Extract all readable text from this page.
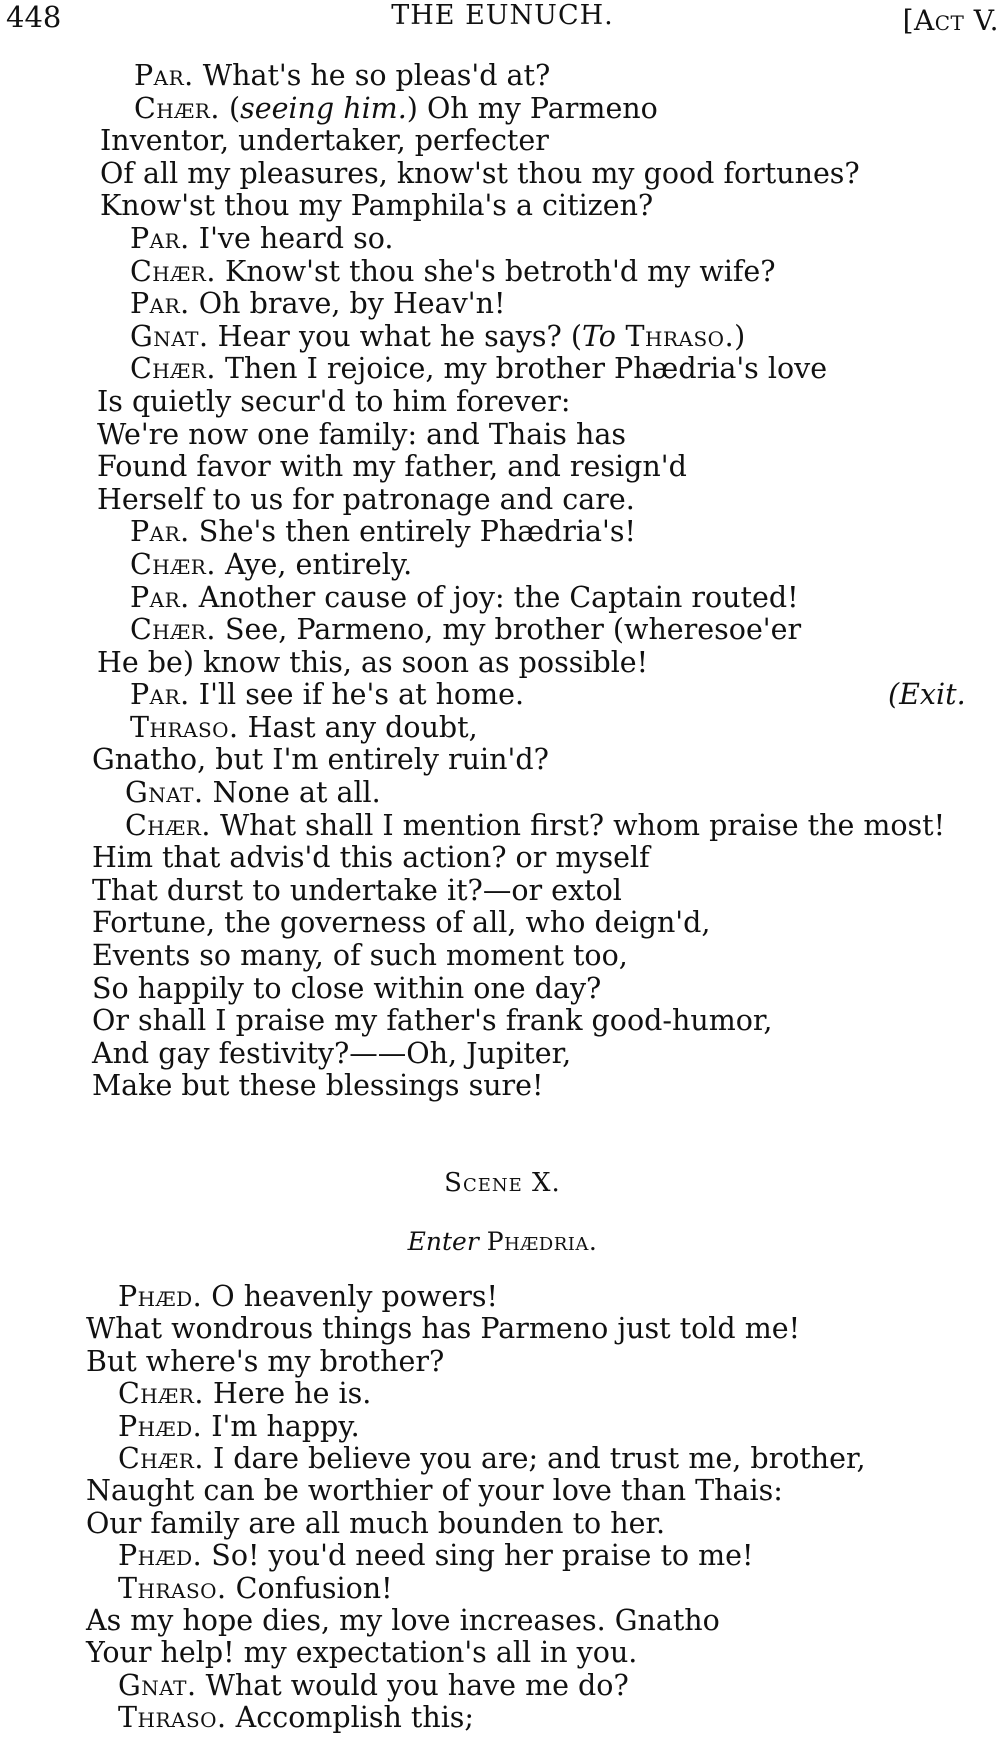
448	THE EUNUCH.	[Act V.
Par. What's he so pleas'd at?
Chær. (seeing him.) Oh my Parmeno
Inventor, undertaker, perfecter
Of all my pleasures, know'st thou my good fortunes?
Know'st thou my Pamphila's a citizen?
Par. I've heard so.
Chær. Know'st thou she's betroth'd my wife?
Par. Oh brave, by Heav'n!
Gnat. Hear you what he says? (To Thraso.)
Chær. Then I rejoice, my brother Phædria's love
Is quietly secur'd to him forever:
We're now one family: and Thais has
Found favor with my father, and resign'd
Herself to us for patronage and care.
Par. She's then entirely Phædria's!
Chær. Aye, entirely.
Par. Another cause of joy: the Captain routed!
Chær. See, Parmeno, my brother (wheresoe'er
He be) know this, as soon as possible!
Par. I'll see if he's at home.	(Exit.
Thraso. Hast any doubt,
Gnatho, but I'm entirely ruin'd?
Gnat. None at all.
Chær. What shall I mention first? whom praise the most!
Him that advis'd this action? or myself
That durst to undertake it?—or extol
Fortune, the governess of all, who deign'd,
Events so many, of such moment too,
So happily to close within one day?
Or shall I praise my father's frank good-humor,
And gay festivity?——Oh, Jupiter,
Make but these blessings sure!
Scene X.
Enter Phædria.
Phæd. O heavenly powers!
What wondrous things has Parmeno just told me!
But where's my brother?
Chær. Here he is.
Phæd. I'm happy.
Chær. I dare believe you are; and trust me, brother,
Naught can be worthier of your love than Thais:
Our family are all much bounden to her.
Phæd. So! you'd need sing her praise to me!
Thraso. Confusion!
As my hope dies, my love increases. Gnatho
Your help! my expectation's all in you.
Gnat. What would you have me do?
Thraso. Accomplish this;
